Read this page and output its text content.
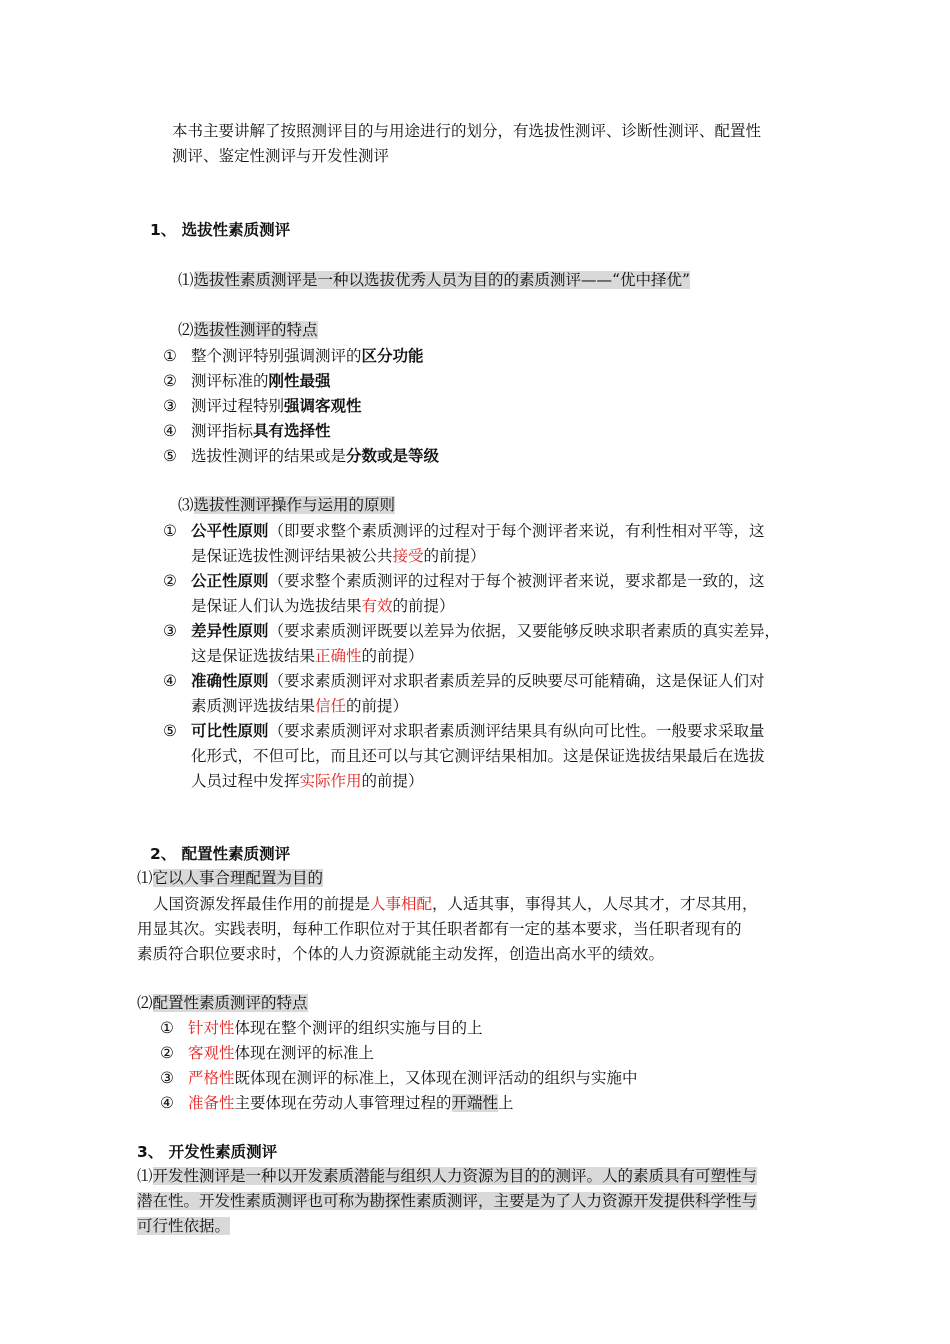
本书主要讲解了按照测评目的与用途进行的划分，有选拔性测评、诊断性测评、配置性
测评、鉴定性测评与开发性测评
1、 选拔性素质测评
⑴选拔性素质测评是一种以选拔优秀人员为目的的素质测评——“优中择优”
⑵选拔性测评的特点
① 整个测评特别强调测评的区分功能
② 测评标准的刚性最强
③ 测评过程特别强调客观性
④ 测评指标具有选择性
⑤ 选拔性测评的结果或是分数或是等级
⑶选拔性测评操作与运用的原则
① 公平性原则（即要求整个素质测评的过程对于每个测评者来说，有利性相对平等，这
是保证选拔性测评结果被公共接受的前提）
② 公正性原则（要求整个素质测评的过程对于每个被测评者来说，要求都是一致的，这
是保证人们认为选拔结果有效的前提）
③ 差异性原则（要求素质测评既要以差异为依据，又要能够反映求职者素质的真实差异，
这是保证选拔结果正确性的前提）
④ 准确性原则（要求素质测评对求职者素质差异的反映要尽可能精确，这是保证人们对
素质测评选拔结果信任的前提）
⑤ 可比性原则（要求素质测评对求职者素质测评结果具有纵向可比性。一般要求采取量
化形式，不但可比，而且还可以与其它测评结果相加。这是保证选拔结果最后在选拔
人员过程中发挥实际作用的前提）
2、 配置性素质测评
⑴它以人事合理配置为目的
人国资源发挥最佳作用的前提是人事相配，人适其事，事得其人，人尽其才，才尽其用，
用显其次。实践表明，每种工作职位对于其任职者都有一定的基本要求，当任职者现有的
素质符合职位要求时，个体的人力资源就能主动发挥，创造出高水平的绩效。
⑵配置性素质测评的特点
① 针对性体现在整个测评的组织实施与目的上
② 客观性体现在测评的标准上
③ 严格性既体现在测评的标准上，又体现在测评活动的组织与实施中
④ 准备性主要体现在劳动人事管理过程的开端性上
3、 开发性素质测评
⑴开发性测评是一种以开发素质潜能与组织人力资源为目的的测评。人的素质具有可塑性与
潜在性。开发性素质测评也可称为勘探性素质测评，主要是为了人力资源开发提供科学性与
可行性依据。
